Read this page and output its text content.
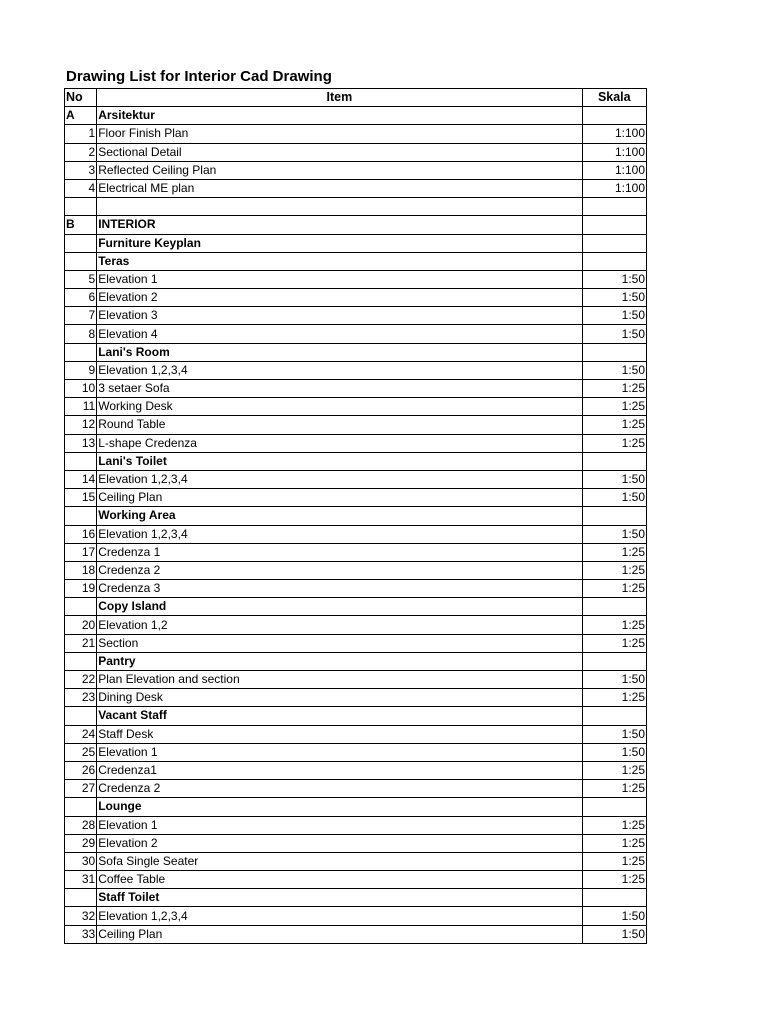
Drawing List for Interior Cad Drawing
No	Item	Skala
A	Arsitektur	
1	Floor Finish Plan	1:100
2	Sectional Detail	1:100
3	Reflected Ceiling Plan	1:100
4	Electrical ME plan	1:100

B	INTERIOR	
	Furniture Keyplan	
	Teras	
5	Elevation 1	1:50
6	Elevation 2	1:50
7	Elevation 3	1:50
8	Elevation 4	1:50
	Lani's Room	
9	Elevation 1,2,3,4	1:50
10	3 setaer Sofa	1:25
11	Working Desk	1:25
12	Round Table	1:25
13	L-shape Credenza	1:25
	Lani's Toilet	
14	Elevation 1,2,3,4	1:50
15	Ceiling Plan	1:50
	Working Area	
16	Elevation 1,2,3,4	1:50
17	Credenza 1	1:25
18	Credenza 2	1:25
19	Credenza 3	1:25
	Copy Island	
20	Elevation 1,2	1:25
21	Section	1:25
	Pantry	
22	Plan Elevation and section	1:50
23	Dining Desk	1:25
	Vacant Staff	
24	Staff Desk	1:50
25	Elevation 1	1:50
26	Credenza1	1:25
27	Credenza 2	1:25
	Lounge	
28	Elevation 1	1:25
29	Elevation 2	1:25
30	Sofa Single Seater	1:25
31	Coffee Table	1:25
	Staff Toilet	
32	Elevation 1,2,3,4	1:50
33	Ceiling Plan	1:50
